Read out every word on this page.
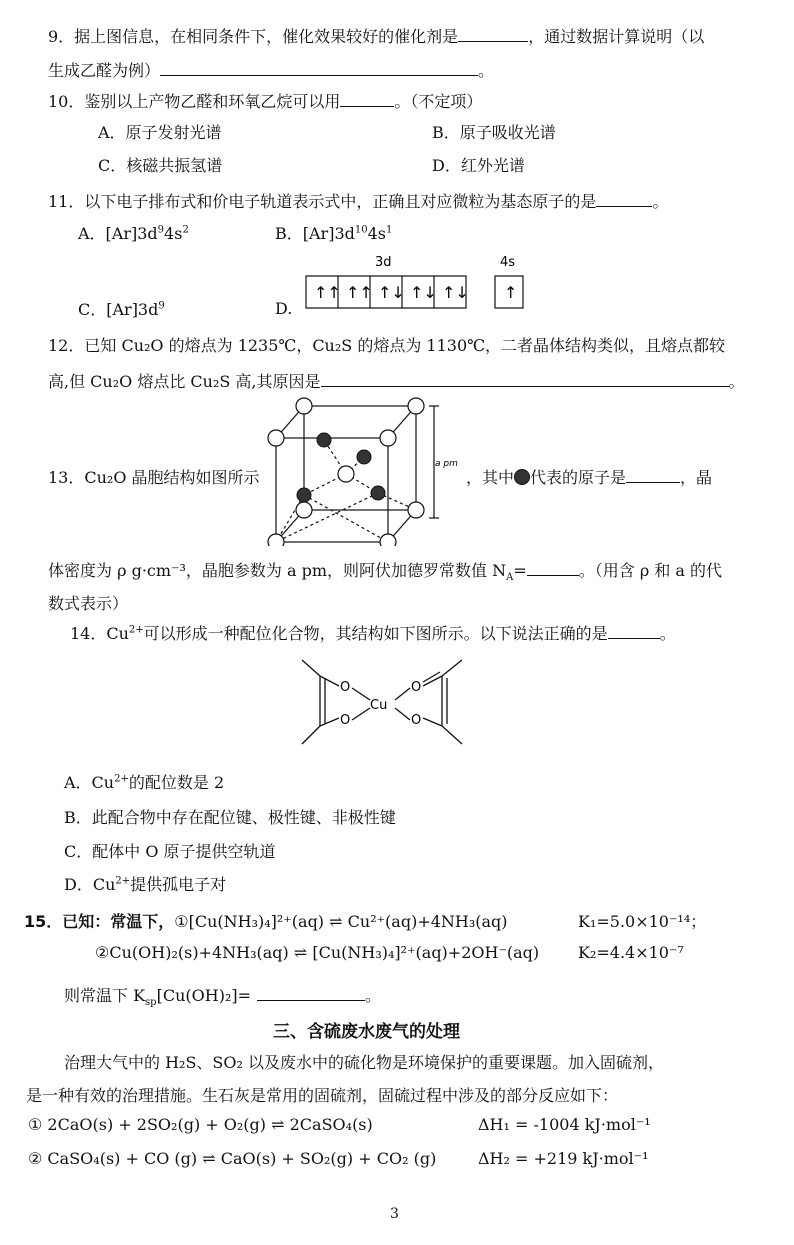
9．据上图信息，在相同条件下，催化效果较好的催化剂是	，通过数据计算说明（以
生成乙醛为例）	。
10．鉴别以上产物乙醛和环氧乙烷可以用	。（不定项）
A．原子发射光谱	B．原子吸收光谱
C．核磁共振氢谱	D．红外光谱
11．以下电子排布式和价电子轨道表示式中，正确且对应微粒为基态原子的是	。
A．$[Ar]3d^94s^2$	B．$[Ar]3d^{10}4s^1$
C．$[Ar]3d^9$	D.
3d	4s
↑↑ ↑↑ ↑↓ ↑↓ ↑↓ ↑
12．已知 Cu₂O 的熔点为 1235℃，Cu₂S 的熔点为 1130℃，二者晶体结构类似，且熔点都较
高,但 Cu₂O 熔点比 Cu₂S 高,其原因是	。
13．Cu₂O 晶胞结构如图所示
a pm
，其中 代表的原子是	，晶
体密度为 ρ g·cm⁻³，晶胞参数为 a pm，则阿伏加德罗常数值 $N_A=$	。（用含 ρ 和 a 的代
数式表示）
14．$Cu^{2+}$可以形成一种配位化合物，其结构如下图所示。以下说法正确的是	。
O
O
Cu
O
O
A．$Cu^{2+}$的配位数是 2
B．此配合物中存在配位键、极性键、非极性键
C．配体中 O 原子提供空轨道
D．$Cu^{2+}$提供孤电子对
15．已知：常温下，①[Cu(NH₃)₄]²⁺(aq) ⇌ Cu²⁺(aq)+4NH₃(aq)	K₁=5.0×10⁻¹⁴；
②Cu(OH)₂(s)+4NH₃(aq) ⇌ [Cu(NH₃)₄]²⁺(aq)+2OH⁻(aq) K₂=4.4×10⁻⁷
则常温下 $K_{sp}[Cu(OH)_2]=$	。
三、含硫废水废气的处理
治理大气中的 H₂S、SO₂ 以及废水中的硫化物是环境保护的重要课题。加入固硫剂，
是一种有效的治理措施。生石灰是常用的固硫剂，固硫过程中涉及的部分反应如下：
① 2CaO(s) + 2SO₂(g) + O₂(g) ⇌ 2CaSO₄(s)	ΔH₁ = -1004 kJ·mol⁻¹
② CaSO₄(s) + CO (g) ⇌ CaO(s) + SO₂(g) + CO₂ (g)	ΔH₂ = +219 kJ·mol⁻¹
3
